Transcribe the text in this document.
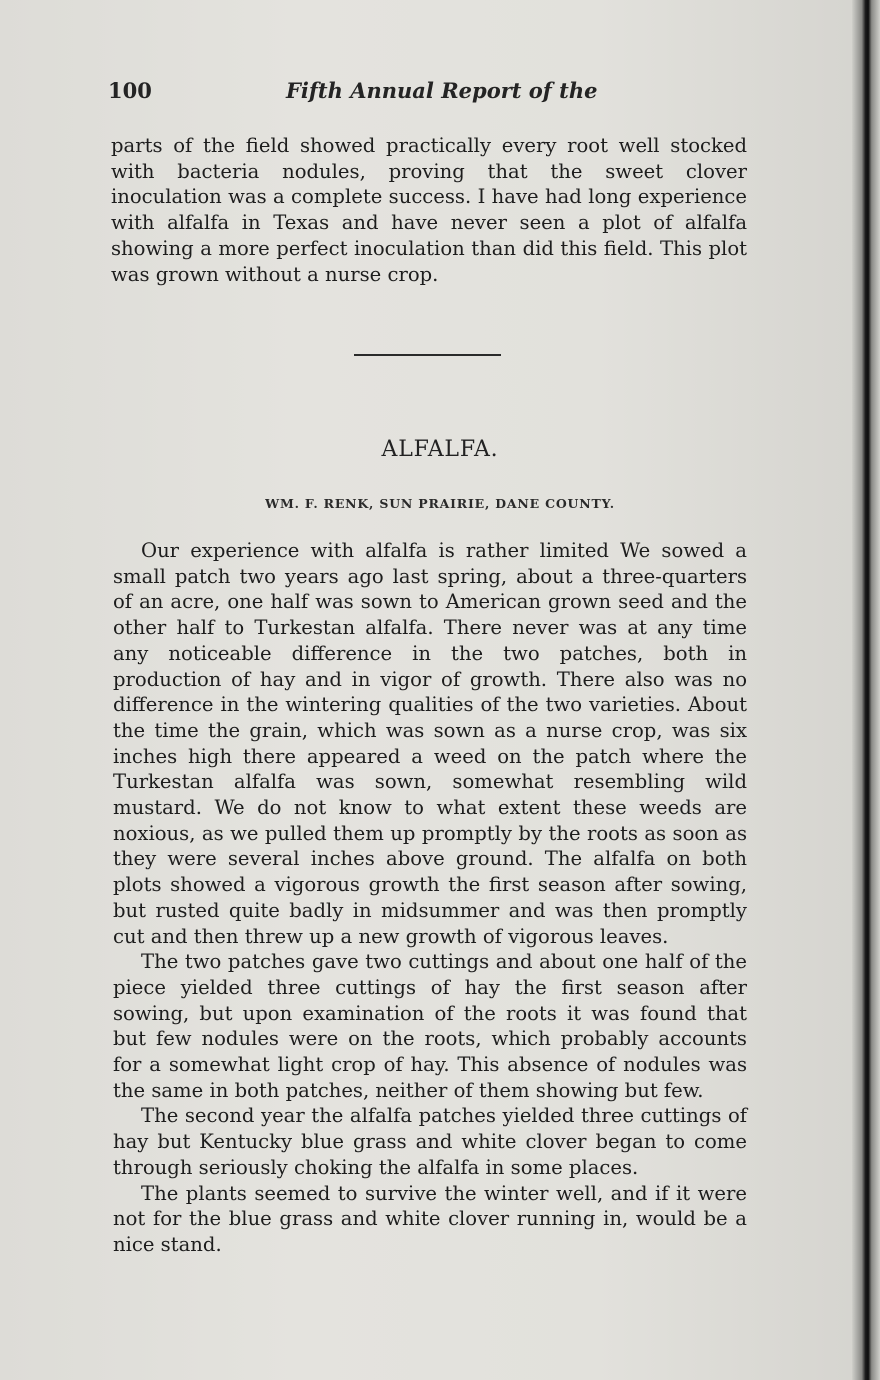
100	Fifth Annual Report of the

parts of the field showed practically every root well stocked with bacteria nodules, proving that the sweet clover inoculation was a complete success. I have had long experience with alfalfa in Texas and have never seen a plot of alfalfa showing a more perfect inoculation than did this field. This plot was grown without a nurse crop.

ALFALFA.
WM. F. RENK, SUN PRAIRIE, DANE COUNTY.

Our experience with alfalfa is rather limited We sowed a small patch two years ago last spring, about a three-quarters of an acre, one half was sown to American grown seed and the other half to Turkestan alfalfa. There never was at any time any noticeable difference in the two patches, both in production of hay and in vigor of growth. There also was no difference in the wintering qualities of the two varieties. About the time the grain, which was sown as a nurse crop, was six inches high there appeared a weed on the patch where the Turkestan alfalfa was sown, somewhat resembling wild mustard. We do not know to what extent these weeds are noxious, as we pulled them up promptly by the roots as soon as they were several inches above ground. The alfalfa on both plots showed a vigorous growth the first season after sowing, but rusted quite badly in midsummer and was then promptly cut and then threw up a new growth of vigorous leaves.

The two patches gave two cuttings and about one half of the piece yielded three cuttings of hay the first season after sowing, but upon examination of the roots it was found that but few nodules were on the roots, which probably accounts for a somewhat light crop of hay. This absence of nodules was the same in both patches, neither of them showing but few.

The second year the alfalfa patches yielded three cuttings of hay but Kentucky blue grass and white clover began to come through seriously choking the alfalfa in some places.

The plants seemed to survive the winter well, and if it were not for the blue grass and white clover running in, would be a nice stand.
